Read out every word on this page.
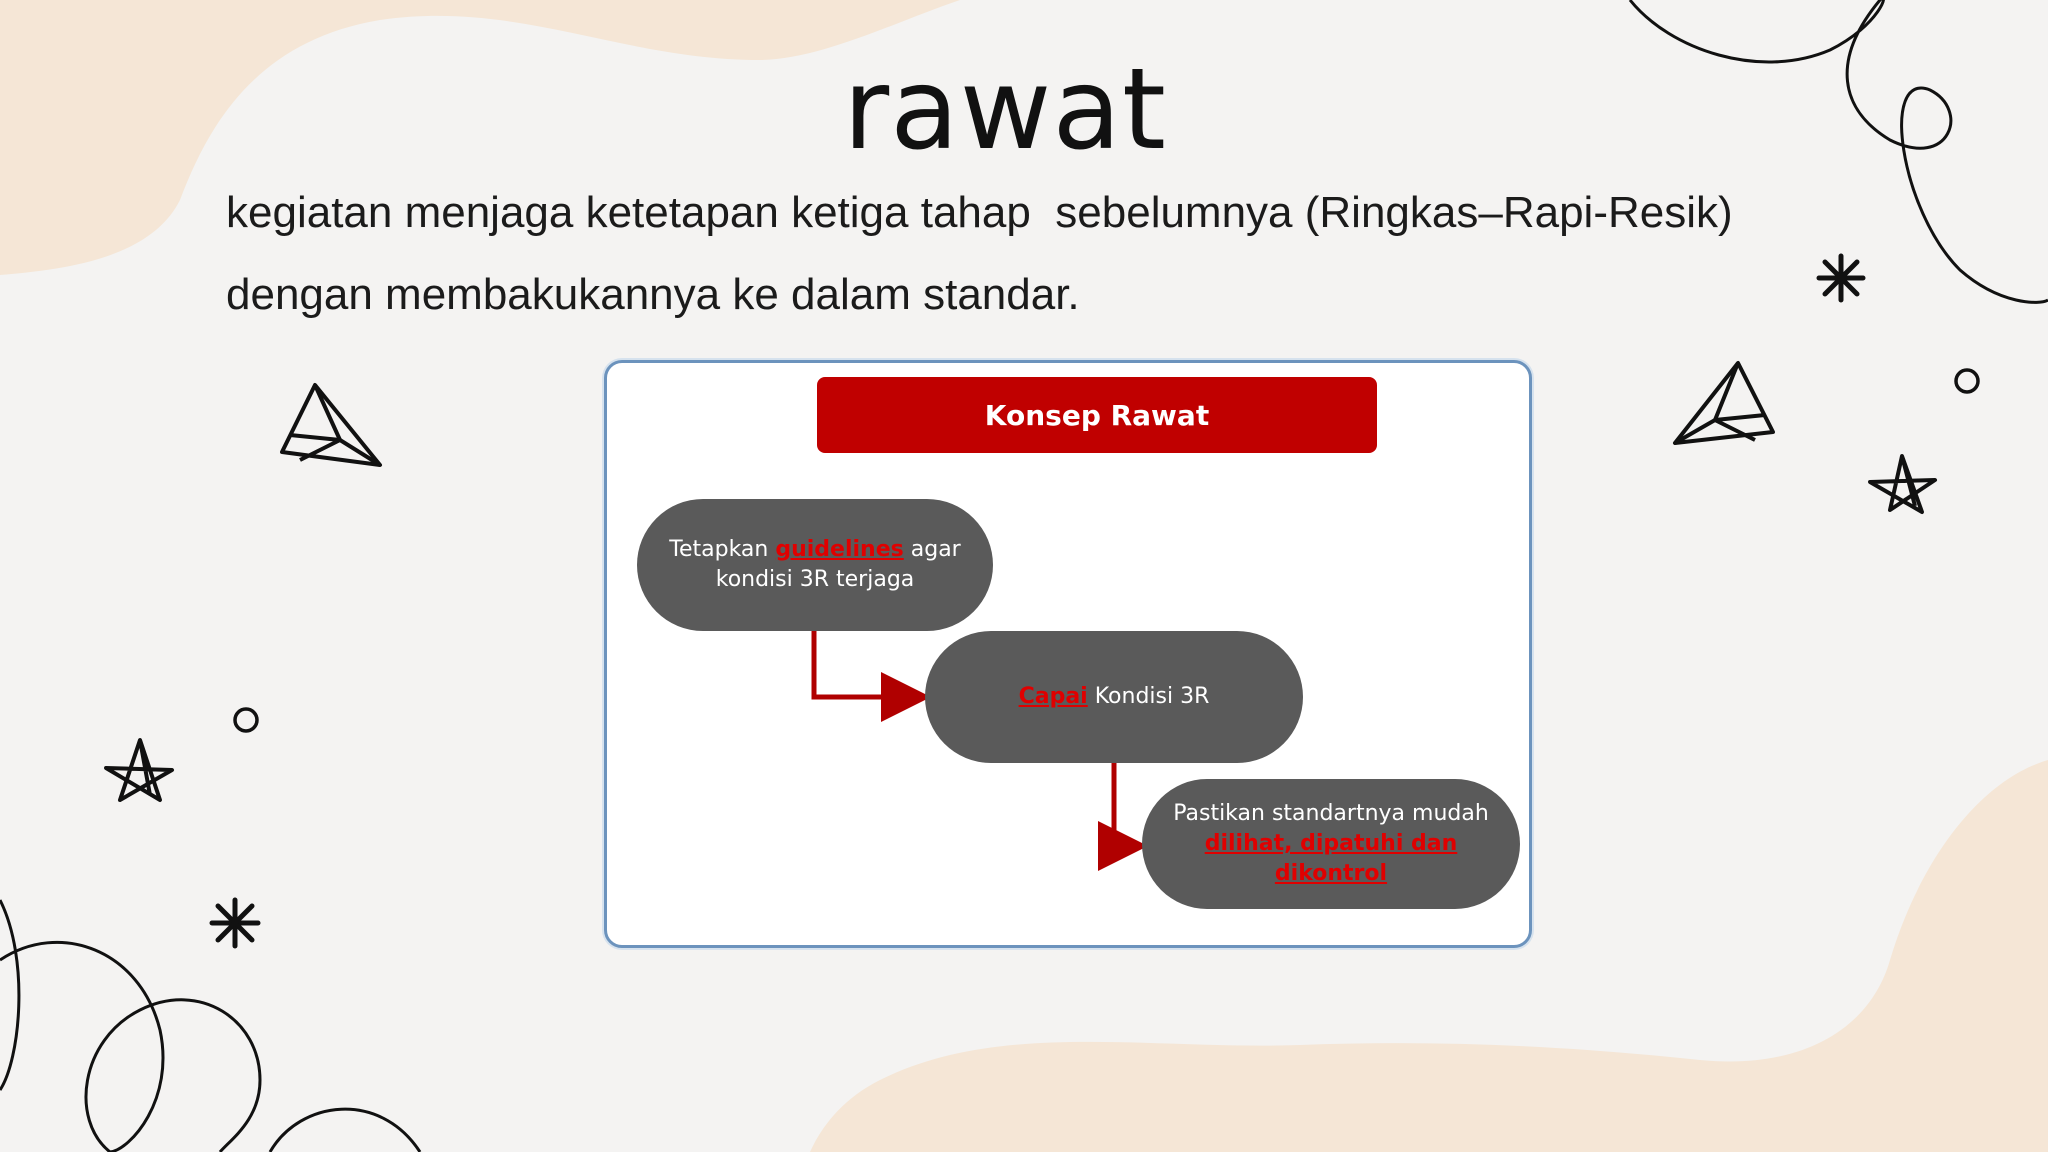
rawat
kegiatan menjaga ketetapan ketiga tahap  sebelumnya (Ringkas–Rapi-Resik)
dengan membakukannya ke dalam standar.
Konsep Rawat
Tetapkan guidelines agar
kondisi 3R terjaga
Capai Kondisi 3R
Pastikan standartnya mudah
dilihat, dipatuhi dan
dikontrol
